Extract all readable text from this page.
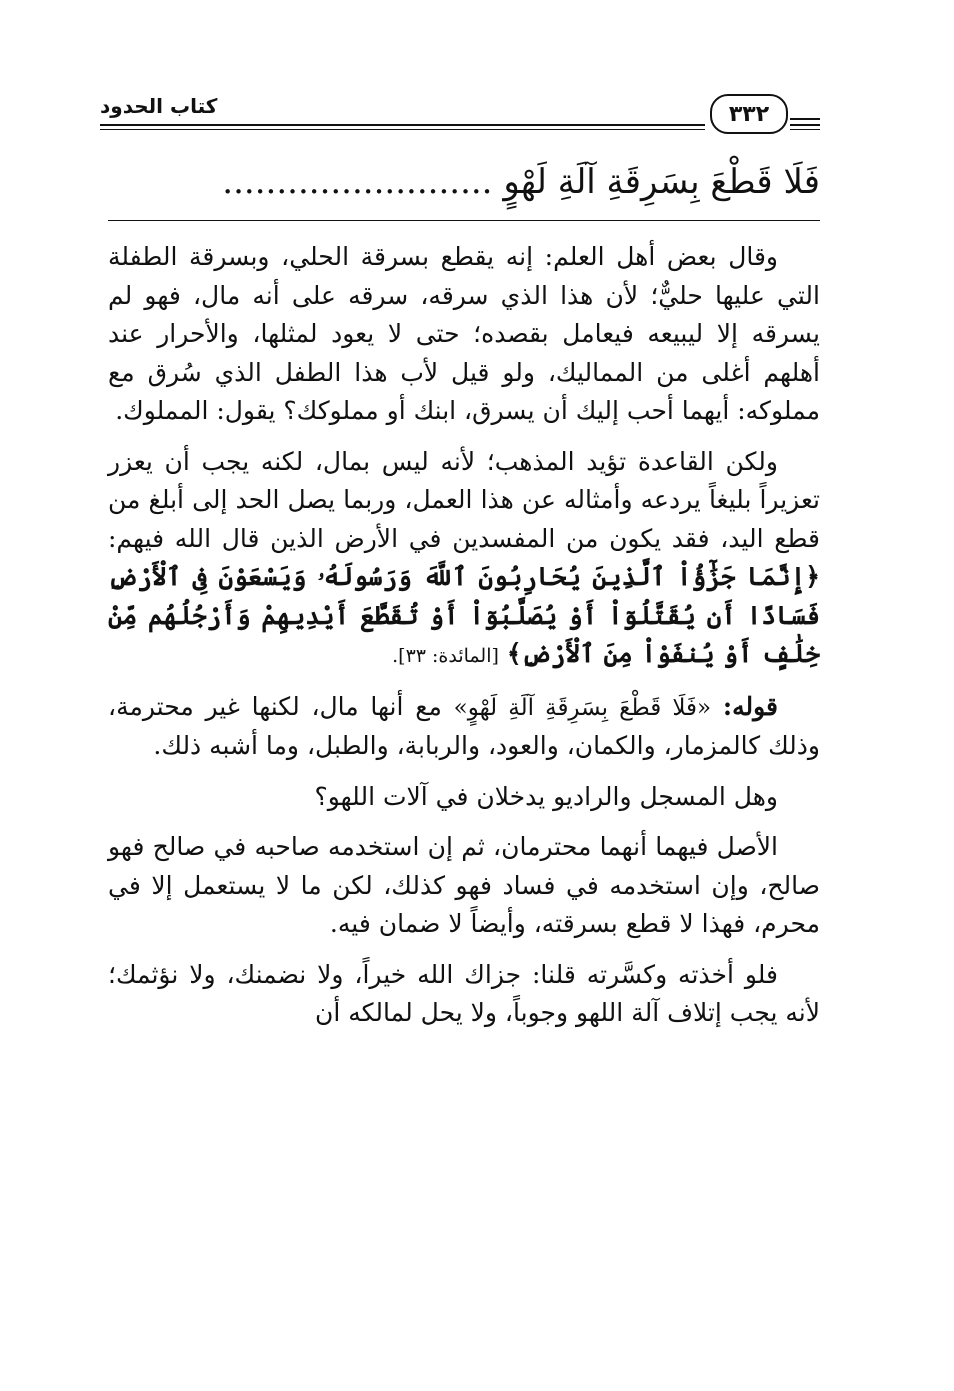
كتاب الحدود	٣٣٢
فَلَا قَطْعَ بِسَرِقَةِ آلَةِ لَهْوٍ .........................

وقال بعض أهل العلم: إنه يقطع بسرقة الحلي، وبسرقة الطفلة التي عليها حليٌّ؛ لأن هذا الذي سرقه، سرقه على أنه مال، فهو لم يسرقه إلا ليبيعه فيعامل بقصده؛ حتى لا يعود لمثلها، والأحرار عند أهلهم أغلى من المماليك، ولو قيل لأب هذا الطفل الذي سُرق مع مملوكه: أيهما أحب إليك أن يسرق، ابنك أو مملوكك؟ يقول: المملوك.

ولكن القاعدة تؤيد المذهب؛ لأنه ليس بمال، لكنه يجب أن يعزر تعزيراً بليغاً يردعه وأمثاله عن هذا العمل، وربما يصل الحد إلى أبلغ من قطع اليد، فقد يكون من المفسدين في الأرض الذين قال الله فيهم: ﴿إِنَّمَا جَزَٰٓؤُاْ ٱلَّذِينَ يُحَارِبُونَ ٱللَّهَ وَرَسُولَهُۥ وَيَسْعَوْنَ فِى ٱلْأَرْضِ فَسَادًا أَن يُقَتَّلُوٓاْ أَوْ يُصَلَّبُوٓاْ أَوْ تُقَطَّعَ أَيْدِيهِمْ وَأَرْجُلُهُم مِّنْ خِلَٰفٍ أَوْ يُنفَوْاْ مِنَ ٱلْأَرْضِ﴾ [المائدة: ٣٣].

قوله: «فَلَا قَطْعَ بِسَرِقَةِ آلَةِ لَهْوٍ» مع أنها مال، لكنها غير محترمة، وذلك كالمزمار، والكمان، والعود، والربابة، والطبل، وما أشبه ذلك.

وهل المسجل والراديو يدخلان في آلات اللهو؟

الأصل فيهما أنهما محترمان، ثم إن استخدمه صاحبه في صالح فهو صالح، وإن استخدمه في فساد فهو كذلك، لكن ما لا يستعمل إلا في محرم، فهذا لا قطع بسرقته، وأيضاً لا ضمان فيه.

فلو أخذته وكسَّرته قلنا: جزاك الله خيراً، ولا نضمنك، ولا نؤثمك؛ لأنه يجب إتلاف آلة اللهو وجوباً، ولا يحل لمالكه أن
